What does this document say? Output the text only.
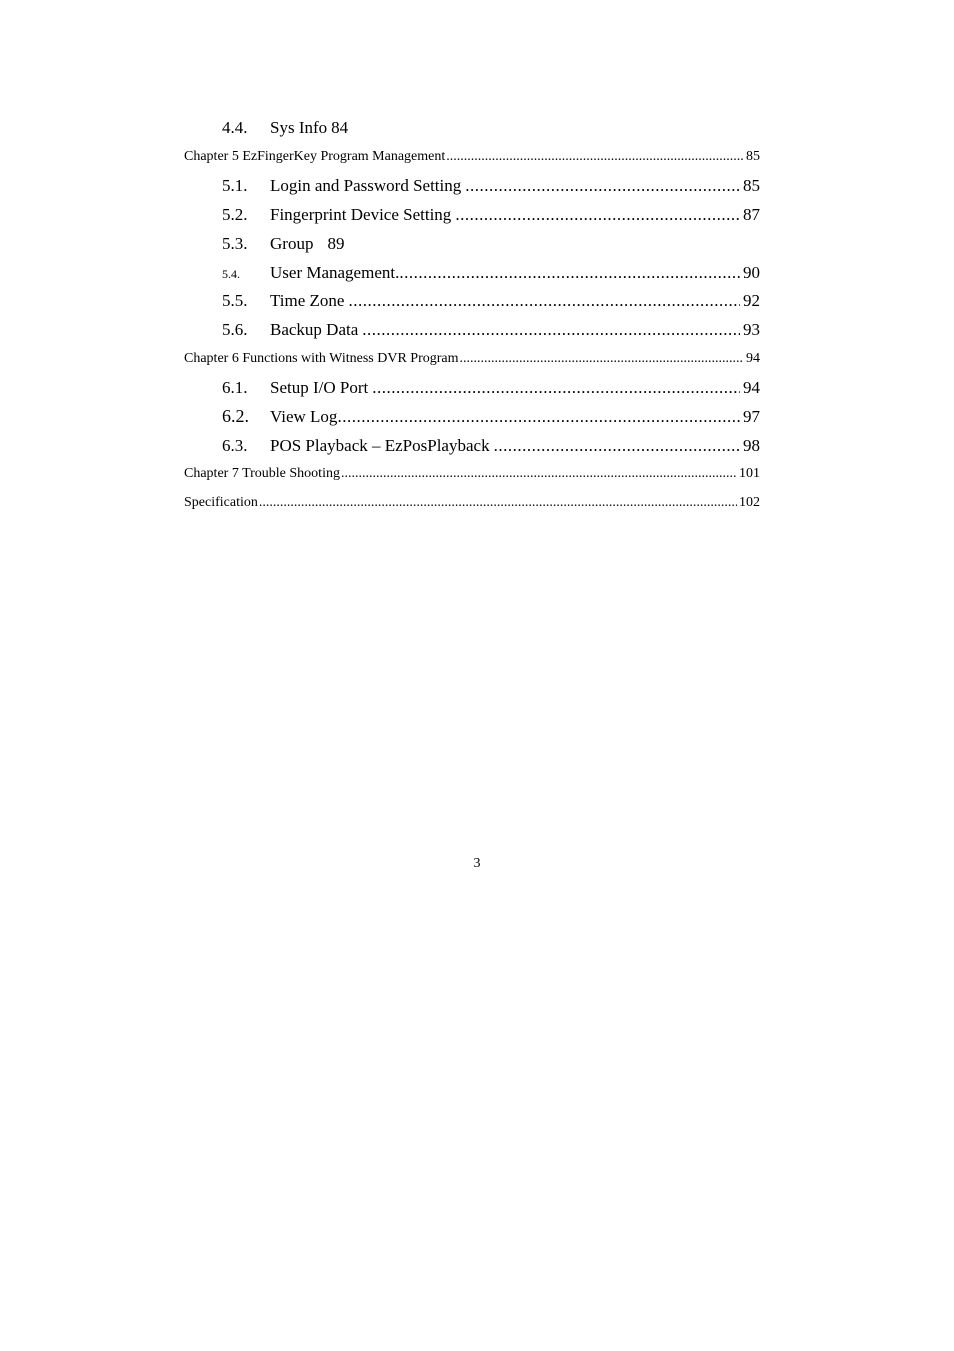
4.4.	Sys Info 84
Chapter 5 EzFingerKey Program Management .....	85
5.1.	Login and Password Setting .....	85
5.2.	Fingerprint Device Setting .....	87
5.3.	Group 89
5.4.	User Management. .....	90
5.5.	Time Zone .....	92
5.6.	Backup Data .....	93
Chapter 6 Functions with Witness DVR Program .....	94
6.1.	Setup I/O Port .....	94
6.2.	View Log .....	97
6.3.	POS Playback – EzPosPlayback .....	98
Chapter 7 Trouble Shooting .....	101
Specification .....	102
3
